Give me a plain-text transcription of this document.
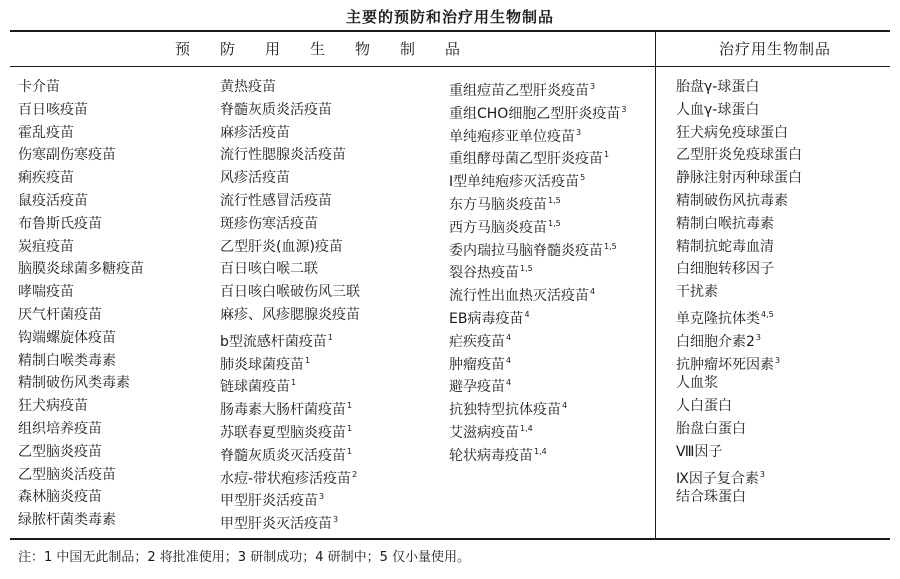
主要的预防和治疗用生物制品
预防用生物制品	治疗用生物制品
卡介苗
百日咳疫苗
霍乱疫苗
伤寒副伤寒疫苗
痢疾疫苗
鼠疫活疫苗
布鲁斯氏疫苗
炭疽疫苗
脑膜炎球菌多糖疫苗
哮喘疫苗
厌气杆菌疫苗
钩端螺旋体疫苗
精制白喉类毒素
精制破伤风类毒素
狂犬病疫苗
组织培养疫苗
乙型脑炎疫苗
乙型脑炎活疫苗
森林脑炎疫苗
绿脓杆菌类毒素
黄热疫苗
脊髓灰质炎活疫苗
麻疹活疫苗
流行性腮腺炎活疫苗
风疹活疫苗
流行性感冒活疫苗
斑疹伤寒活疫苗
乙型肝炎(血源)疫苗
百日咳白喉二联
百日咳白喉破伤风三联
麻疹、风疹腮腺炎疫苗
b型流感杆菌疫苗$^1$
肺炎球菌疫苗$^1$
链球菌疫苗$^1$
肠毒素大肠杆菌疫苗$^1$
苏联春夏型脑炎疫苗$^1$
脊髓灰质炎灭活疫苗$^1$
水痘-带状疱疹活疫苗$^2$
甲型肝炎活疫苗$^3$
甲型肝炎灭活疫苗$^3$
重组痘苗乙型肝炎疫苗$^3$
重组CHO细胞乙型肝炎疫苗$^3$
单纯疱疹亚单位疫苗$^3$
重组酵母菌乙型肝炎疫苗$^1$
I型单纯疱疹灭活疫苗$^5$
东方马脑炎疫苗$^{1,5}$
西方马脑炎疫苗$^{1,5}$
委内瑞拉马脑脊髓炎疫苗$^{1,5}$
裂谷热疫苗$^{1,5}$
流行性出血热灭活疫苗$^4$
EB病毒疫苗$^4$
疟疾疫苗$^4$
肿瘤疫苗$^4$
避孕疫苗$^4$
抗独特型抗体疫苗$^4$
艾滋病疫苗$^{1,4}$
轮状病毒疫苗$^{1,4}$
胎盘γ-球蛋白
人血γ-球蛋白
狂犬病免疫球蛋白
乙型肝炎免疫球蛋白
静脉注射丙种球蛋白
精制破伤风抗毒素
精制白喉抗毒素
精制抗蛇毒血清
白细胞转移因子
干扰素
单克隆抗体类$^{4,5}$
白细胞介素$2^3$
抗肿瘤坏死因素$^3$
人血浆
人白蛋白
胎盘白蛋白
Ⅷ因子
Ⅸ因子复合素$^3$
结合珠蛋白
注：1 中国无此制品；2 将批准使用；3 研制成功；4 研制中；5 仅小量使用。
